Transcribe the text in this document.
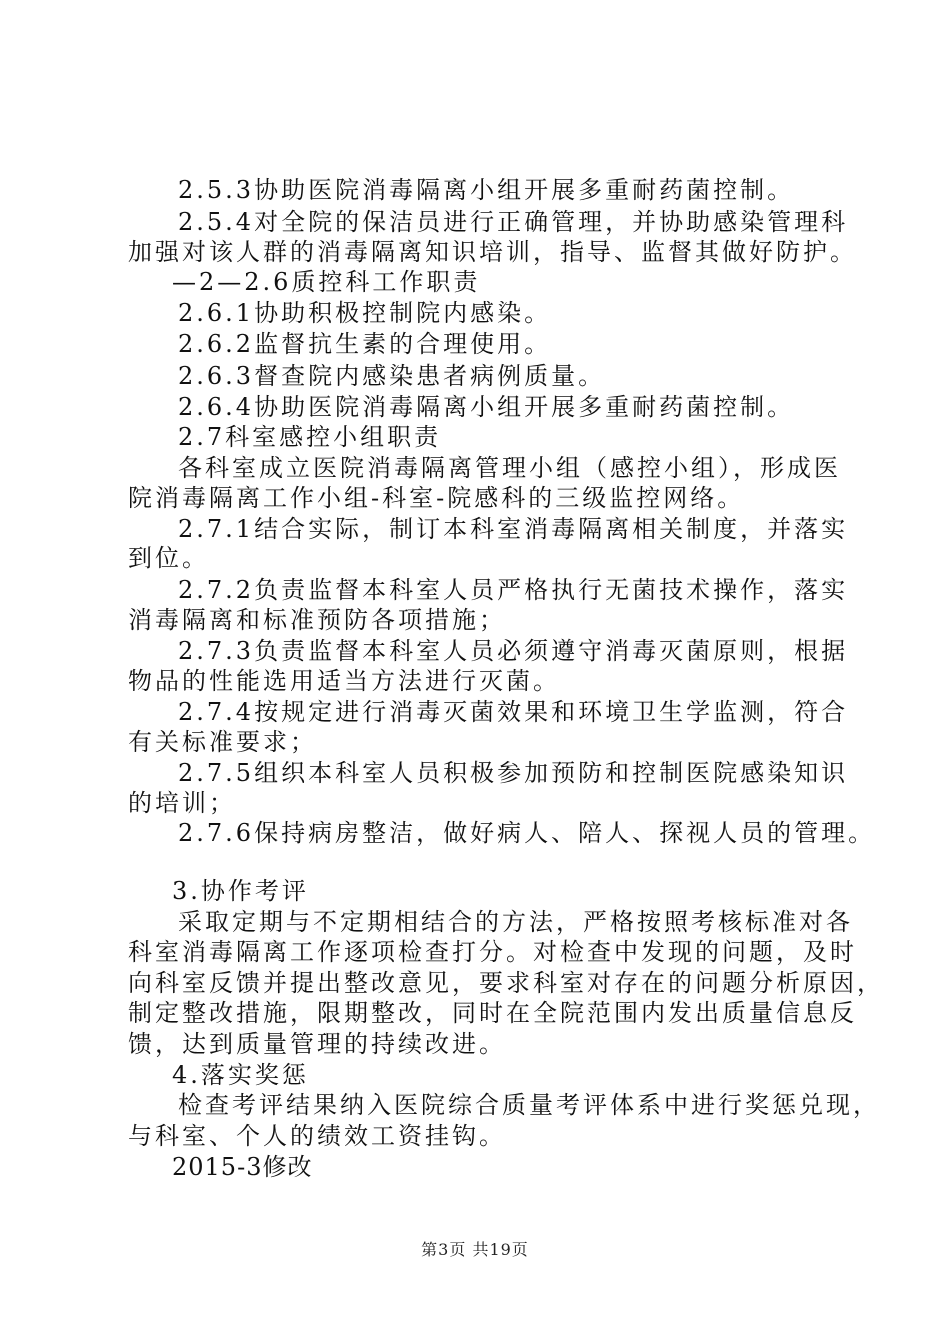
2.5.3协助医院消毒隔离小组开展多重耐药菌控制。
2.5.4对全院的保洁员进行正确管理，并协助感染管理科
加强对该人群的消毒隔离知识培训，指导、监督其做好防护。
—2—2.6质控科工作职责
2.6.1协助积极控制院内感染。
2.6.2监督抗生素的合理使用。
2.6.3督查院内感染患者病例质量。
2.6.4协助医院消毒隔离小组开展多重耐药菌控制。
2.7科室感控小组职责
各科室成立医院消毒隔离管理小组（感控小组），形成医
院消毒隔离工作小组-科室-院感科的三级监控网络。
2.7.1结合实际，制订本科室消毒隔离相关制度，并落实
到位。
2.7.2负责监督本科室人员严格执行无菌技术操作，落实
消毒隔离和标准预防各项措施；
2.7.3负责监督本科室人员必须遵守消毒灭菌原则，根据
物品的性能选用适当方法进行灭菌。
2.7.4按规定进行消毒灭菌效果和环境卫生学监测，符合
有关标准要求；
2.7.5组织本科室人员积极参加预防和控制医院感染知识
的培训；
2.7.6保持病房整洁，做好病人、陪人、探视人员的管理。
3.协作考评
采取定期与不定期相结合的方法，严格按照考核标准对各
科室消毒隔离工作逐项检查打分。对检查中发现的问题，及时
向科室反馈并提出整改意见，要求科室对存在的问题分析原因，
制定整改措施，限期整改，同时在全院范围内发出质量信息反
馈，达到质量管理的持续改进。
4.落实奖惩
检查考评结果纳入医院综合质量考评体系中进行奖惩兑现，
与科室、个人的绩效工资挂钩。
2015-3修改
第3页 共19页
